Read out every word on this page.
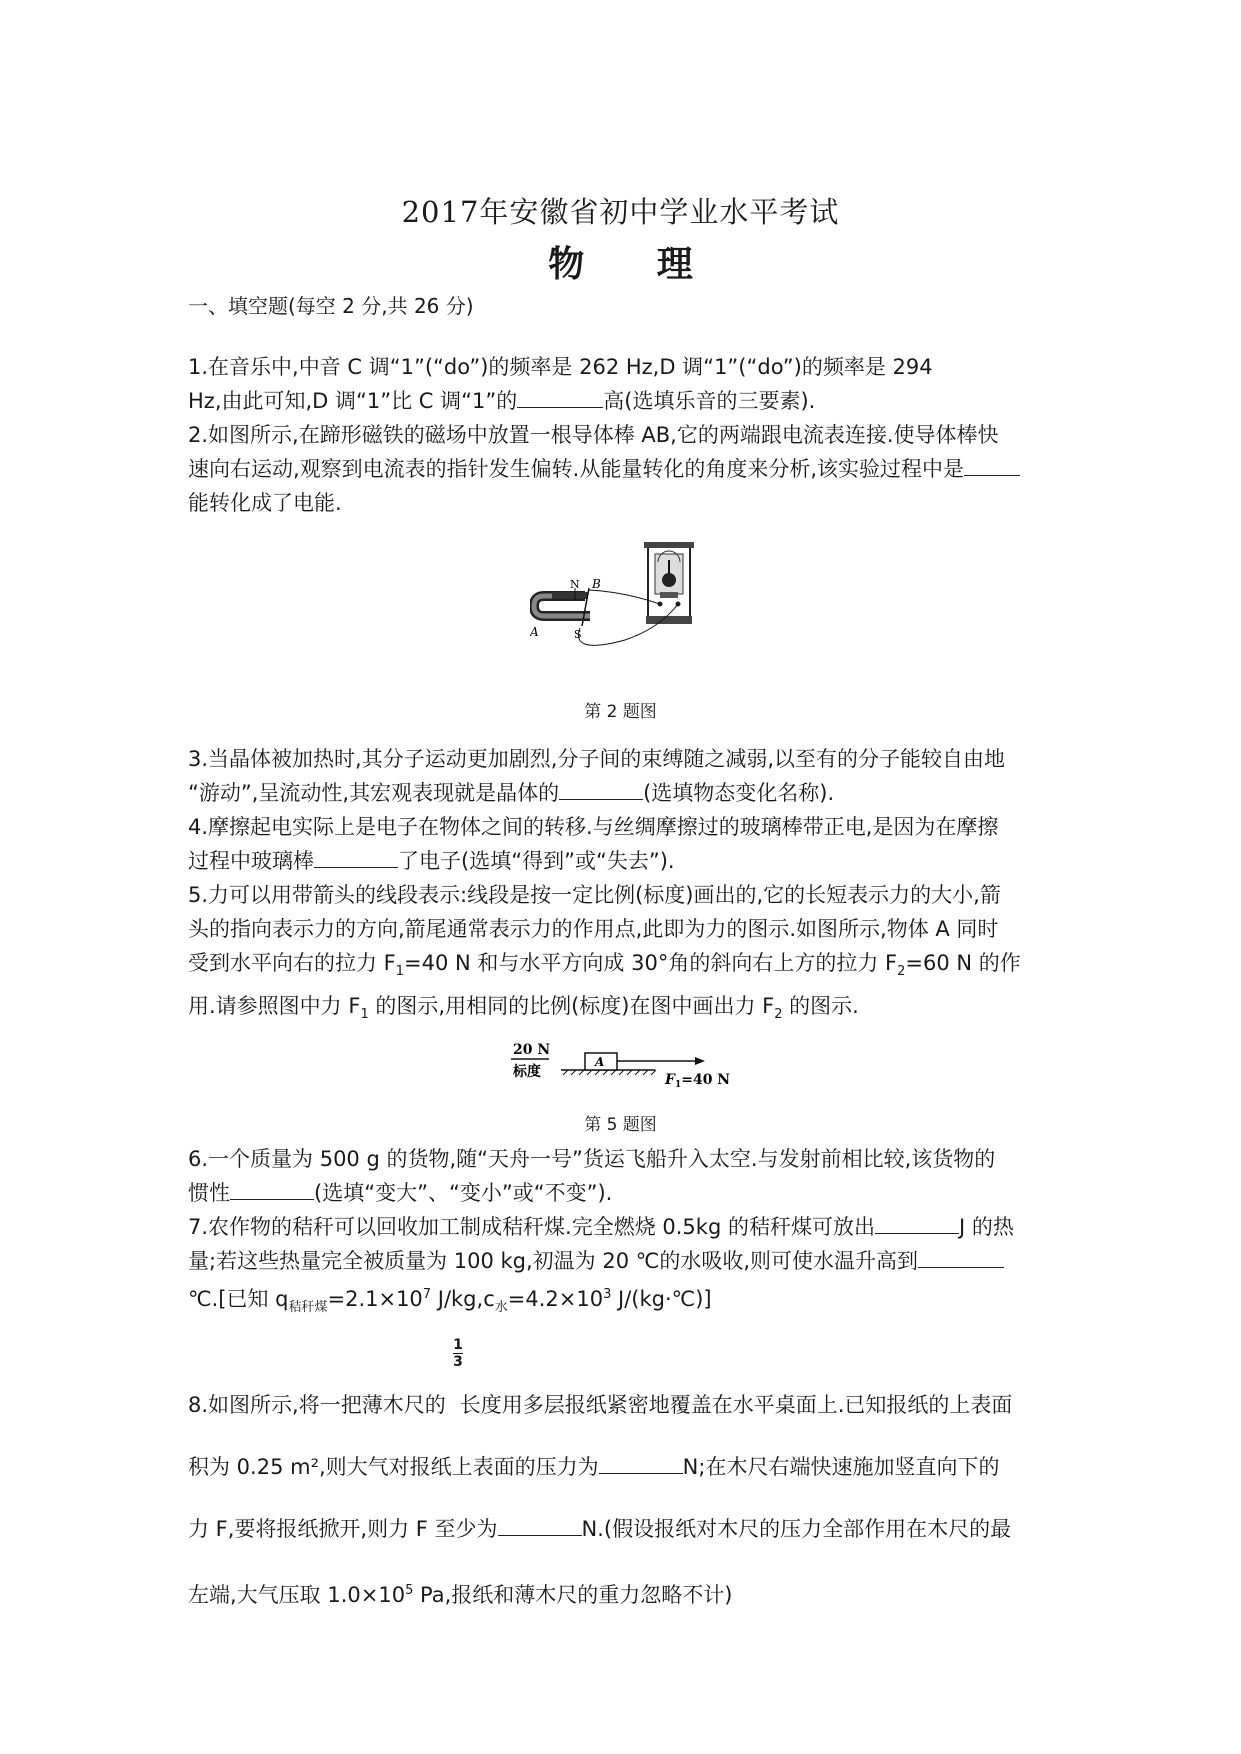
2017年安徽省初中学业水平考试
物 理
一、填空题(每空 2 分,共 26 分)
1.在音乐中,中音 C 调“1”(“do”)的频率是 262 Hz,D 调“1”(“do”)的频率是 294
Hz,由此可知,D 调“1”比 C 调“1”的	高(选填乐音的三要素).
2.如图所示,在蹄形磁铁的磁场中放置一根导体棒 AB,它的两端跟电流表连接.使导体棒快
速向右运动,观察到电流表的指针发生偏转.从能量转化的角度来分析,该实验过程中是
能转化成了电能.
N B
A	S
第 2 题图
3.当晶体被加热时,其分子运动更加剧烈,分子间的束缚随之减弱,以至有的分子能较自由地
“游动”,呈流动性,其宏观表现就是晶体的	(选填物态变化名称).
4.摩擦起电实际上是电子在物体之间的转移.与丝绸摩擦过的玻璃棒带正电,是因为在摩擦
过程中玻璃棒	了电子(选填“得到”或“失去”).
5.力可以用带箭头的线段表示:线段是按一定比例(标度)画出的,它的长短表示力的大小,箭
头的指向表示力的方向,箭尾通常表示力的作用点,此即为力的图示.如图所示,物体 A 同时
受到水平向右的拉力 $F_1=40$ N 和与水平方向成 30°角的斜向右上方的拉力 $F_2=60$ N 的作
用.请参照图中力 $F_1$ 的图示,用相同的比例(标度)在图中画出力 $F_2$ 的图示.
20 N
标度
A
$F_1=40$ N
第 5 题图
6.一个质量为 500 g 的货物,随“天舟一号”货运飞船升入太空.与发射前相比较,该货物的
惯性	(选填“变大”、“变小”或“不变”).
7.农作物的秸秆可以回收加工制成秸秆煤.完全燃烧 0.5kg 的秸秆煤可放出	J 的热
量;若这些热量完全被质量为 100 kg,初温为 20 ℃的水吸收,则可使水温升高到
℃.[已知 $q_{秸秆煤}=2.1\times 10^7$ $J/kg,c_水=4.2\times 10^3$ J/(kg·℃)]
1
3
8.如图所示,将一把薄木尺的 长度用多层报纸紧密地覆盖在水平桌面上.已知报纸的上表面
积为 0.25 m²,则大气对报纸上表面的压力为	N;在木尺右端快速施加竖直向下的
力 F,要将报纸掀开,则力 F 至少为	N.(假设报纸对木尺的压力全部作用在木尺的最
左端,大气压取 $1.0\times 10^5$ Pa,报纸和薄木尺的重力忽略不计)
